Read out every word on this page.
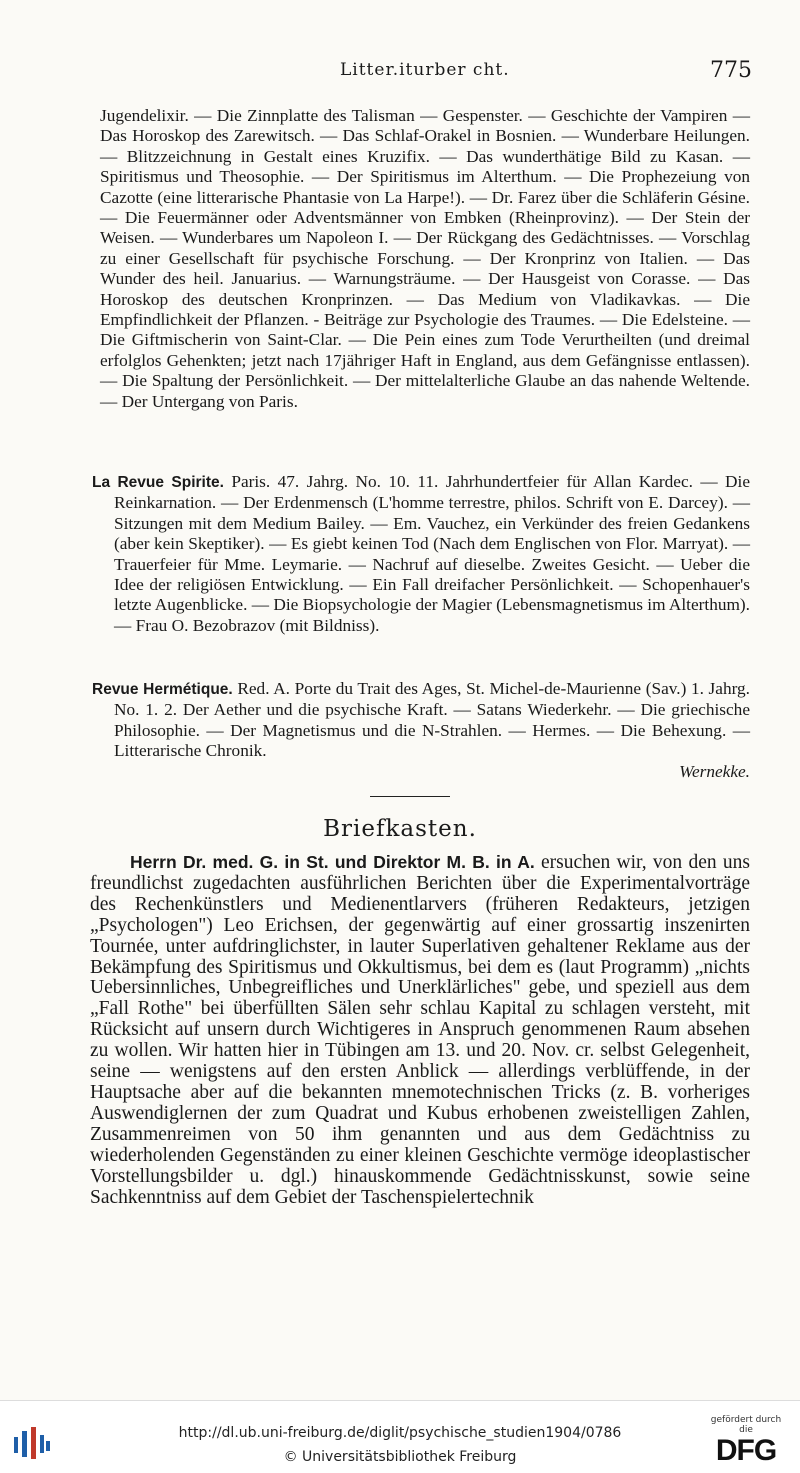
Litter.iturber cht.	775

Jugendelixir. — Die Zinnplatte des Talisman — Gespenster. — Geschichte der Vampiren — Das Horoskop des Zarewitsch. — Das Schlaf-Orakel in Bosnien. — Wunderbare Heilungen. — Blitzzeichnung in Gestalt eines Kruzifix. — Das wunderthätige Bild zu Kasan. — Spiritismus und Theosophie. — Der Spiritismus im Alterthum. — Die Prophezeiung von Cazotte (eine litterarische Phantasie von La Harpe!). — Dr. Farez über die Schläferin Gésine. — Die Feuermänner oder Adventsmänner von Embken (Rheinprovinz). — Der Stein der Weisen. — Wunderbares um Napoleon I. — Der Rückgang des Gedächtnisses. — Vorschlag zu einer Gesellschaft für psychische Forschung. — Der Kronprinz von Italien. — Das Wunder des heil. Januarius. — Warnungsträume. — Der Hausgeist von Corasse. — Das Horoskop des deutschen Kronprinzen. — Das Medium von Vladikavkas. — Die Empfindlichkeit der Pflanzen. - Beiträge zur Psychologie des Traumes. — Die Edelsteine. — Die Giftmischerin von Saint-Clar. — Die Pein eines zum Tode Verurtheilten (und dreimal erfolglos Gehenkten; jetzt nach 17jähriger Haft in England, aus dem Gefängnisse entlassen). — Die Spaltung der Persönlichkeit. — Der mittelalterliche Glaube an das nahende Weltende. — Der Untergang von Paris.

La Revue Spirite. Paris. 47. Jahrg. No. 10. 11. Jahrhundertfeier für Allan Kardec. — Die Reinkarnation. — Der Erdenmensch (L'homme terrestre, philos. Schrift von E. Darcey). — Sitzungen mit dem Medium Bailey. — Em. Vauchez, ein Verkünder des freien Gedankens (aber kein Skeptiker). — Es giebt keinen Tod (Nach dem Englischen von Flor. Marryat). — Trauerfeier für Mme. Leymarie. — Nachruf auf dieselbe. Zweites Gesicht. — Ueber die Idee der religiösen Entwicklung. — Ein Fall dreifacher Persönlichkeit. — Schopenhauer's letzte Augenblicke. — Die Biopsychologie der Magier (Lebensmagnetismus im Alterthum). — Frau O. Bezobrazov (mit Bildniss).

Revue Hermétique. Red. A. Porte du Trait des Ages, St. Michel-de-Maurienne (Sav.) 1. Jahrg. No. 1. 2. Der Aether und die psychische Kraft. — Satans Wiederkehr. — Die griechische Philosophie. — Der Magnetismus und die N-Strahlen. — Hermes. — Die Behexung. — Litterarische Chronik.

Wernekke.

Briefkasten.
Herrn Dr. med. G. in St. und Direktor M. B. in A. ersuchen wir, von den uns freundlichst zugedachten ausführlichen Berichten über die Experimentalvorträge des Rechenkünstlers und Medienentlarvers (früheren Redakteurs, jetzigen „Psychologen") Leo Erichsen, der gegenwärtig auf einer grossartig inszenirten Tournée, unter aufdringlichster, in lauter Superlativen gehaltener Reklame aus der Bekämpfung des Spiritismus und Okkultismus, bei dem es (laut Programm) „nichts Uebersinnliches, Unbegreifliches und Unerklärliches" gebe, und speziell aus dem „Fall Rothe" bei überfüllten Sälen sehr schlau Kapital zu schlagen versteht, mit Rücksicht auf unsern durch Wichtigeres in Anspruch genommenen Raum absehen zu wollen. Wir hatten hier in Tübingen am 13. und 20. Nov. cr. selbst Gelegenheit, seine — wenigstens auf den ersten Anblick — allerdings verblüffende, in der Hauptsache aber auf die bekannten mnemotechnischen Tricks (z. B. vorheriges Auswendiglernen der zum Quadrat und Kubus erhobenen zweistelligen Zahlen, Zusammenreimen von 50 ihm genannten und aus dem Gedächtniss zu wiederholenden Gegenständen zu einer kleinen Geschichte vermöge ideoplastischer Vorstellungsbilder u. dgl.) hinauskommende Gedächtnisskunst, sowie seine Sachkenntniss auf dem Gebiet der Taschenspielertechnik
http://dl.ub.uni-freiburg.de/diglit/psychische_studien1904/0786
© Universitätsbibliothek Freiburg
gefördert durch die
DFG
